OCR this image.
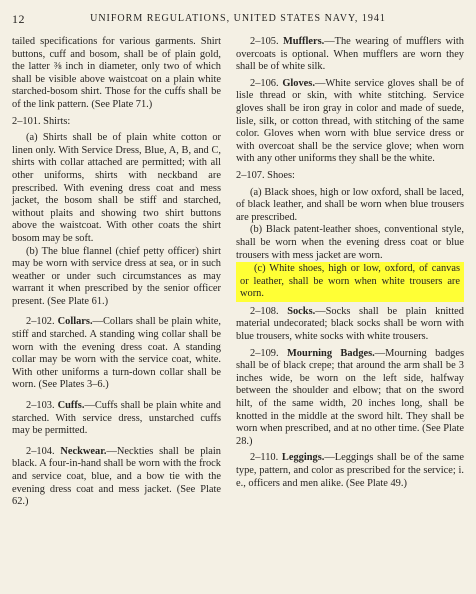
12	UNIFORM REGULATIONS, UNITED STATES NAVY, 1941

tailed specifications for various garments. Shirt buttons, cuff and bosom, shall be of plain gold, the latter ⅜ inch in diameter, only two of which shall be visible above waistcoat on a plain white starched-bosom shirt. Those for the cuffs shall be of the link pattern. (See Plate 71.)

2–101. Shirts:

(a) Shirts shall be of plain white cotton or linen only. With Service Dress, Blue, A, B, and C, shirts with collar attached are permitted; with all other uniforms, shirts with neckband are prescribed. With evening dress coat and mess jacket, the bosom shall be stiff and starched, without plaits and showing two shirt buttons above the waistcoat. With other coats the shirt bosom may be soft.

(b) The blue flannel (chief petty officer) shirt may be worn with service dress at sea, or in such weather or under such circumstances as may warrant it when prescribed by the senior officer present. (See Plate 61.)

2–102. Collars.—Collars shall be plain white, stiff and starched. A standing wing collar shall be worn with the evening dress coat. A standing collar may be worn with the service coat, white. With other uniforms a turn-down collar shall be worn. (See Plates 3–6.)

2–103. Cuffs.—Cuffs shall be plain white and starched. With service dress, unstarched cuffs may be permitted.

2–104. Neckwear.—Neckties shall be plain black. A four-in-hand shall be worn with the frock and service coat, blue, and a bow tie with the evening dress coat and mess jacket. (See Plate 62.)

2–105. Mufflers.—The wearing of mufflers with overcoats is optional. When mufflers are worn they shall be of white silk.

2–106. Gloves.—White service gloves shall be of lisle thread or skin, with white stitching. Service gloves shall be iron gray in color and made of suede, lisle, silk, or cotton thread, with stitching of the same color. Gloves when worn with blue service dress or with overcoat shall be the service glove; when worn with any other uniforms they shall be the white.

2–107. Shoes:

(a) Black shoes, high or low oxford, shall be laced, of black leather, and shall be worn when blue trousers are prescribed.

(b) Black patent-leather shoes, conventional style, shall be worn when the evening dress coat or blue trousers with mess jacket are worn.

(c) White shoes, high or low, oxford, of canvas or leather, shall be worn when white trousers are worn.

2–108. Socks.—Socks shall be plain knitted material undecorated; black socks shall be worn with blue trousers, white socks with white trousers.

2–109. Mourning Badges.—Mourning badges shall be of black crepe; that around the arm shall be 3 inches wide, be worn on the left side, halfway between the shoulder and elbow; that on the sword hilt, of the same width, 20 inches long, shall be knotted in the middle at the sword hilt. They shall be worn when prescribed, and at no other time. (See Plate 28.)

2–110. Leggings.—Leggings shall be of the same type, pattern, and color as prescribed for the service; i. e., officers and men alike. (See Plate 49.)
